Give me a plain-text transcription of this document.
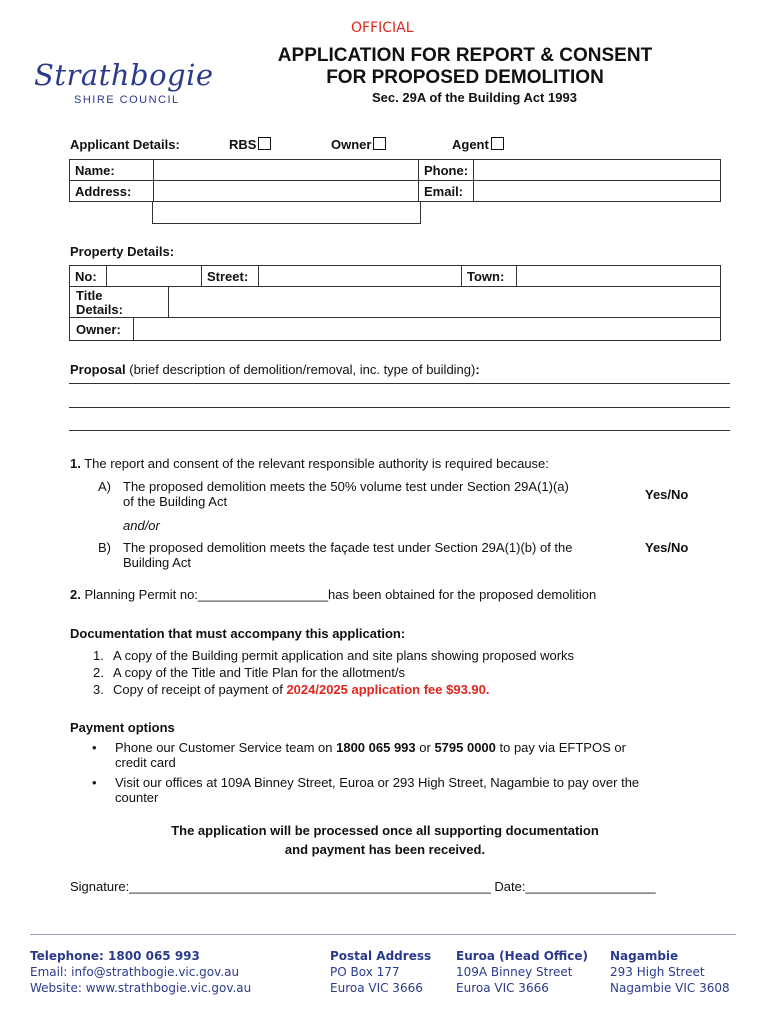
OFFICIAL
Strathbogie
SHIRE COUNCIL
APPLICATION FOR REPORT & CONSENT
FOR PROPOSED DEMOLITION
Sec. 29A of the Building Act 1993
Applicant Details:	RBS	Owner	Agent
Name:		Phone:	
Address:		Email:	
Property Details:
No:		Street:		Town:	
Title
Details:
Owner:
Proposal (brief description of demolition/removal, inc. type of building):
1. The report and consent of the relevant responsible authority is required because:
A) The proposed demolition meets the 50% volume test under Section 29A(1)(a)
of the Building Act	Yes/No
and/or
B) The proposed demolition meets the façade test under Section 29A(1)(b) of the
Building Act
Yes/No
2. Planning Permit no:__________________has been obtained for the proposed demolition
Documentation that must accompany this application:
1. A copy of the Building permit application and site plans showing proposed works
2. A copy of the Title and Title Plan for the allotment/s
3. Copy of receipt of payment of 2024/2025 application fee $93.90.
Payment options
• Phone our Customer Service team on 1800 065 993 or 5795 0000 to pay via EFTPOS or
credit card
• Visit our offices at 109A Binney Street, Euroa or 293 High Street, Nagambie to pay over the
counter
The application will be processed once all supporting documentation
and payment has been received.
Signature:__________________________________________________ Date:__________________
Telephone: 1800 065 993
Email: info@strathbogie.vic.gov.au
Website: www.strathbogie.vic.gov.au
Postal Address
PO Box 177
Euroa VIC 3666
Euroa (Head Office)
109A Binney Street
Euroa VIC 3666
Nagambie
293 High Street
Nagambie VIC 3608
